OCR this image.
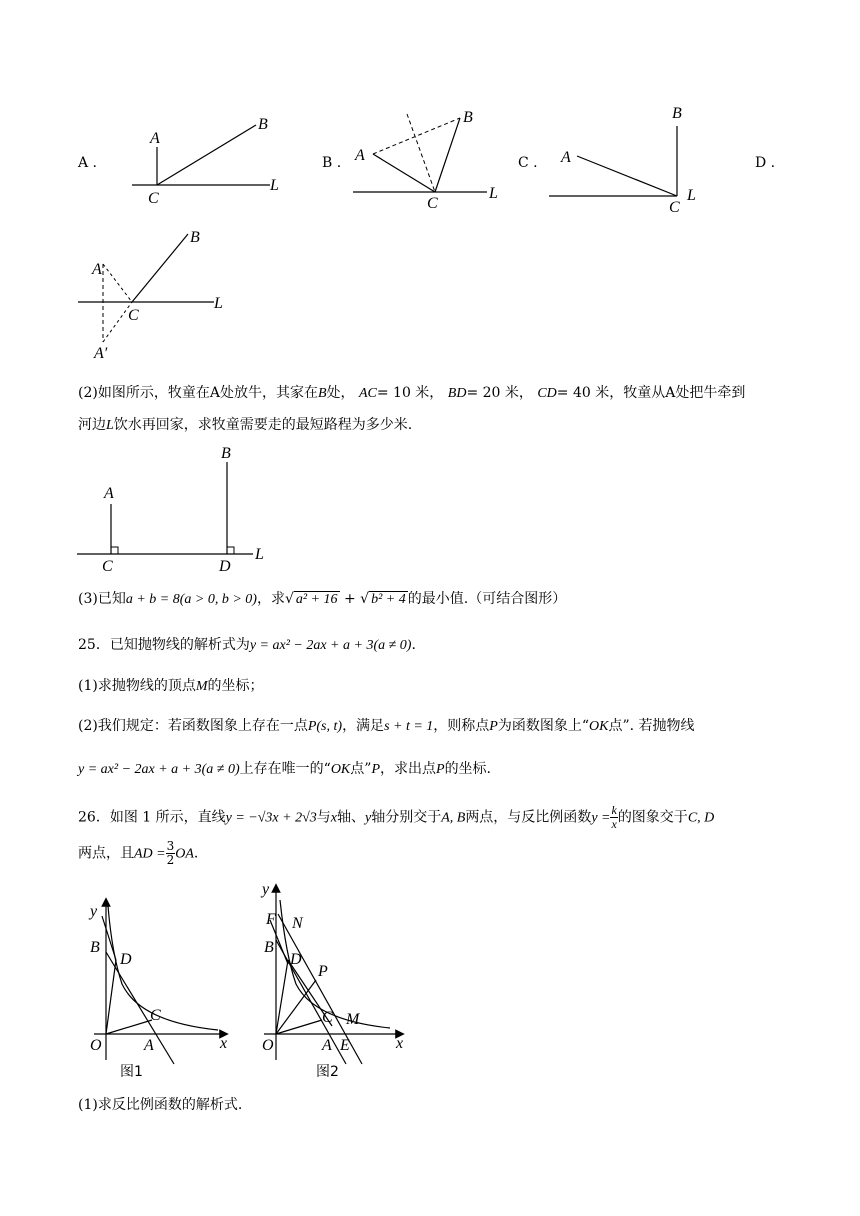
A .
A
B
C
L
B . A
B
C
L
C . A
B
C
L
D .
A
B
C
L
A′
(2)如图所示，牧童在A处放牛，其家在B处， AC= 10 米， BD= 20 米， CD= 40 米，牧童从A处把牛牵到
河边L饮水再回家，求牧童需要走的最短路程为多少米.
A
B
C	D
L
(3)已知a + b = 8(a > 0, b > 0)，求√ a² + 16 + √ b² + 4 的最小值.（可结合图形）
25．已知抛物线的解析式为y = ax² − 2ax + a + 3(a ≠ 0).
(1)求抛物线的顶点M的坐标；
(2)我们规定：若函数图象上存在一点P(s, t)，满足s + t = 1，则称点P为函数图象上“OK点”. 若抛物线
y = ax² − 2ax + a + 3(a ≠ 0)上存在唯一的“OK点”P，求出点P的坐标.
26．如图 1 所示，直线y = −√3x + 2√3与x轴、y轴分别交于A, B两点，与反比例函数$y = \frac{k}{x}$ 的图象交于C, D
两点，且AD = $\frac{3}{2}$ OA.
y
B
D
C
O	A	x
图1
y
F N
B
D
P
C M
O	A E	x
图2
(1)求反比例函数的解析式.
